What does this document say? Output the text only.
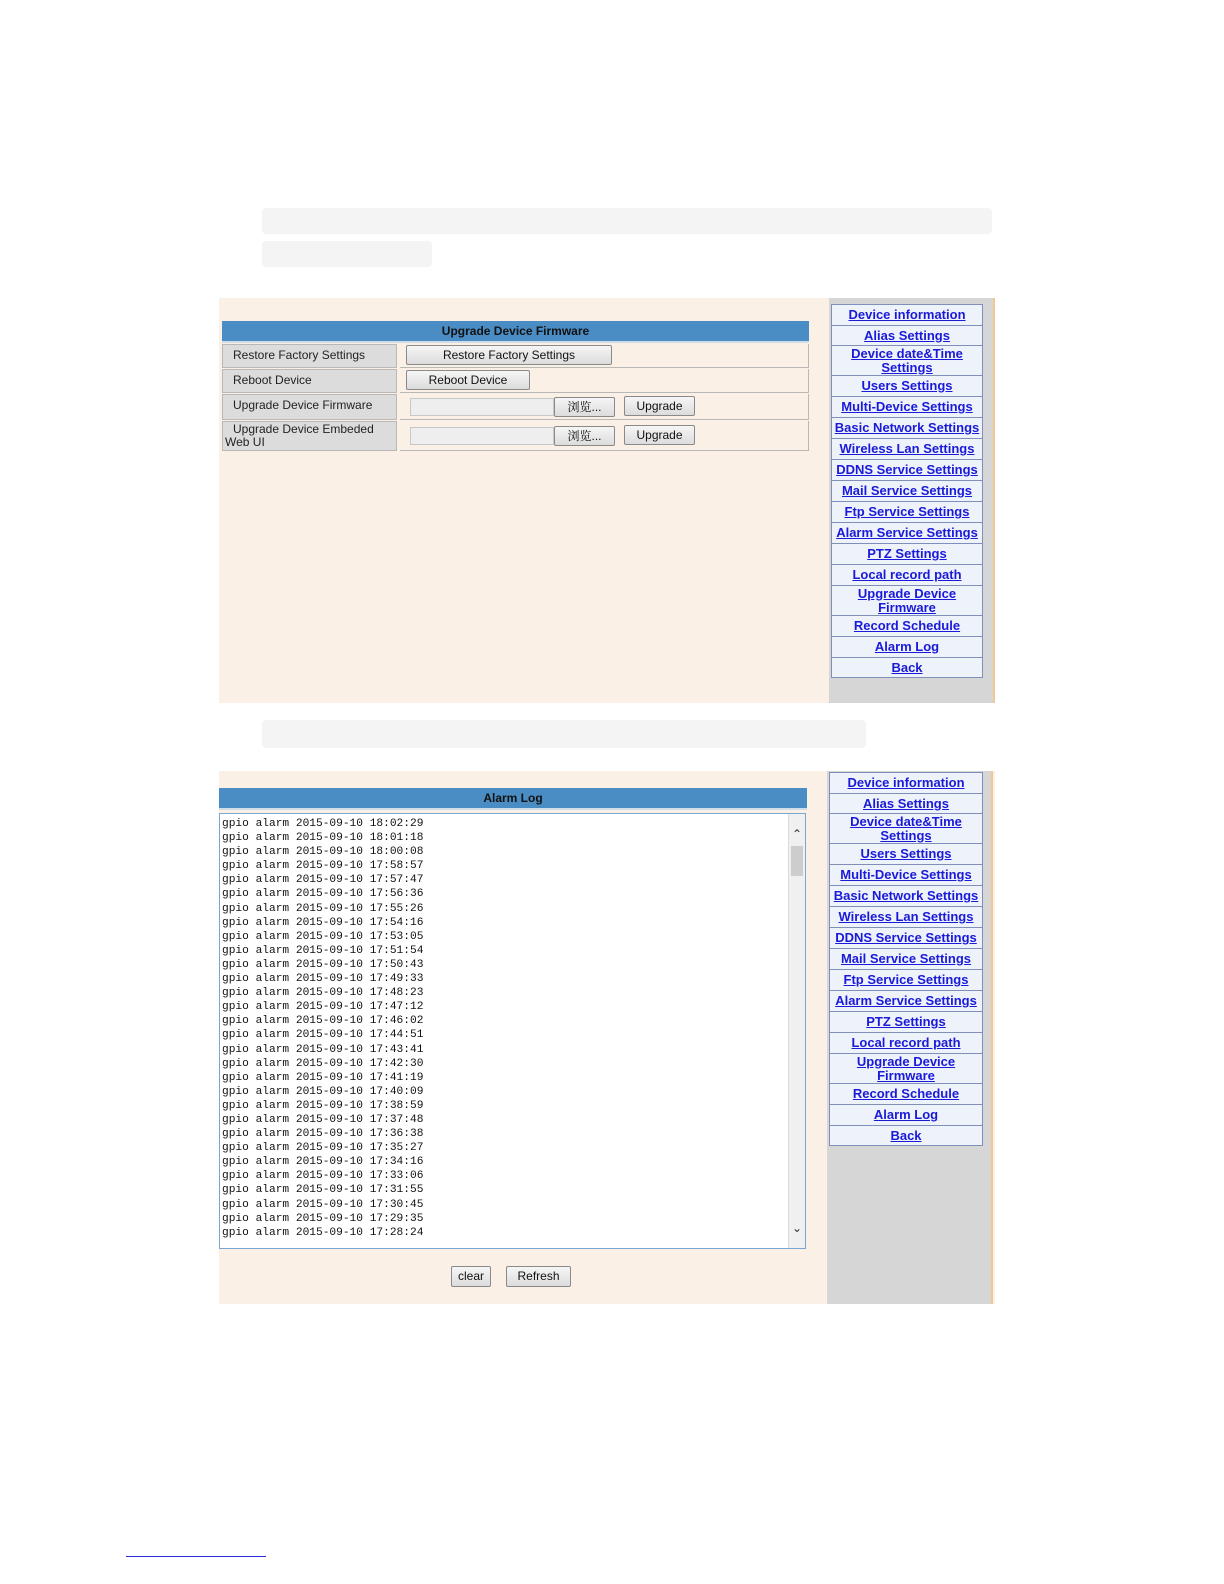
Upgrade Device Firmware
Restore Factory Settings	Restore Factory Settings
Reboot Device	Reboot Device
Upgrade Device Firmware	浏览...	Upgrade
Upgrade Device Embeded Web UI	浏览...	Upgrade
Device information
Alias Settings
Device date&Time Settings
Users Settings
Multi-Device Settings
Basic Network Settings
Wireless Lan Settings
DDNS Service Settings
Mail Service Settings
Ftp Service Settings
Alarm Service Settings
PTZ Settings
Local record path
Upgrade Device Firmware
Record Schedule
Alarm Log
Back
Alarm Log
gpio alarm 2015-09-10 18:02:29
gpio alarm 2015-09-10 18:01:18
gpio alarm 2015-09-10 18:00:08
gpio alarm 2015-09-10 17:58:57
gpio alarm 2015-09-10 17:57:47
gpio alarm 2015-09-10 17:56:36
gpio alarm 2015-09-10 17:55:26
gpio alarm 2015-09-10 17:54:16
gpio alarm 2015-09-10 17:53:05
gpio alarm 2015-09-10 17:51:54
gpio alarm 2015-09-10 17:50:43
gpio alarm 2015-09-10 17:49:33
gpio alarm 2015-09-10 17:48:23
gpio alarm 2015-09-10 17:47:12
gpio alarm 2015-09-10 17:46:02
gpio alarm 2015-09-10 17:44:51
gpio alarm 2015-09-10 17:43:41
gpio alarm 2015-09-10 17:42:30
gpio alarm 2015-09-10 17:41:19
gpio alarm 2015-09-10 17:40:09
gpio alarm 2015-09-10 17:38:59
gpio alarm 2015-09-10 17:37:48
gpio alarm 2015-09-10 17:36:38
gpio alarm 2015-09-10 17:35:27
gpio alarm 2015-09-10 17:34:16
gpio alarm 2015-09-10 17:33:06
gpio alarm 2015-09-10 17:31:55
gpio alarm 2015-09-10 17:30:45
gpio alarm 2015-09-10 17:29:35
gpio alarm 2015-09-10 17:28:24
⌃
⌄
clear	Refresh
Device information
Alias Settings
Device date&Time Settings
Users Settings
Multi-Device Settings
Basic Network Settings
Wireless Lan Settings
DDNS Service Settings
Mail Service Settings
Ftp Service Settings
Alarm Service Settings
PTZ Settings
Local record path
Upgrade Device Firmware
Record Schedule
Alarm Log
Back
